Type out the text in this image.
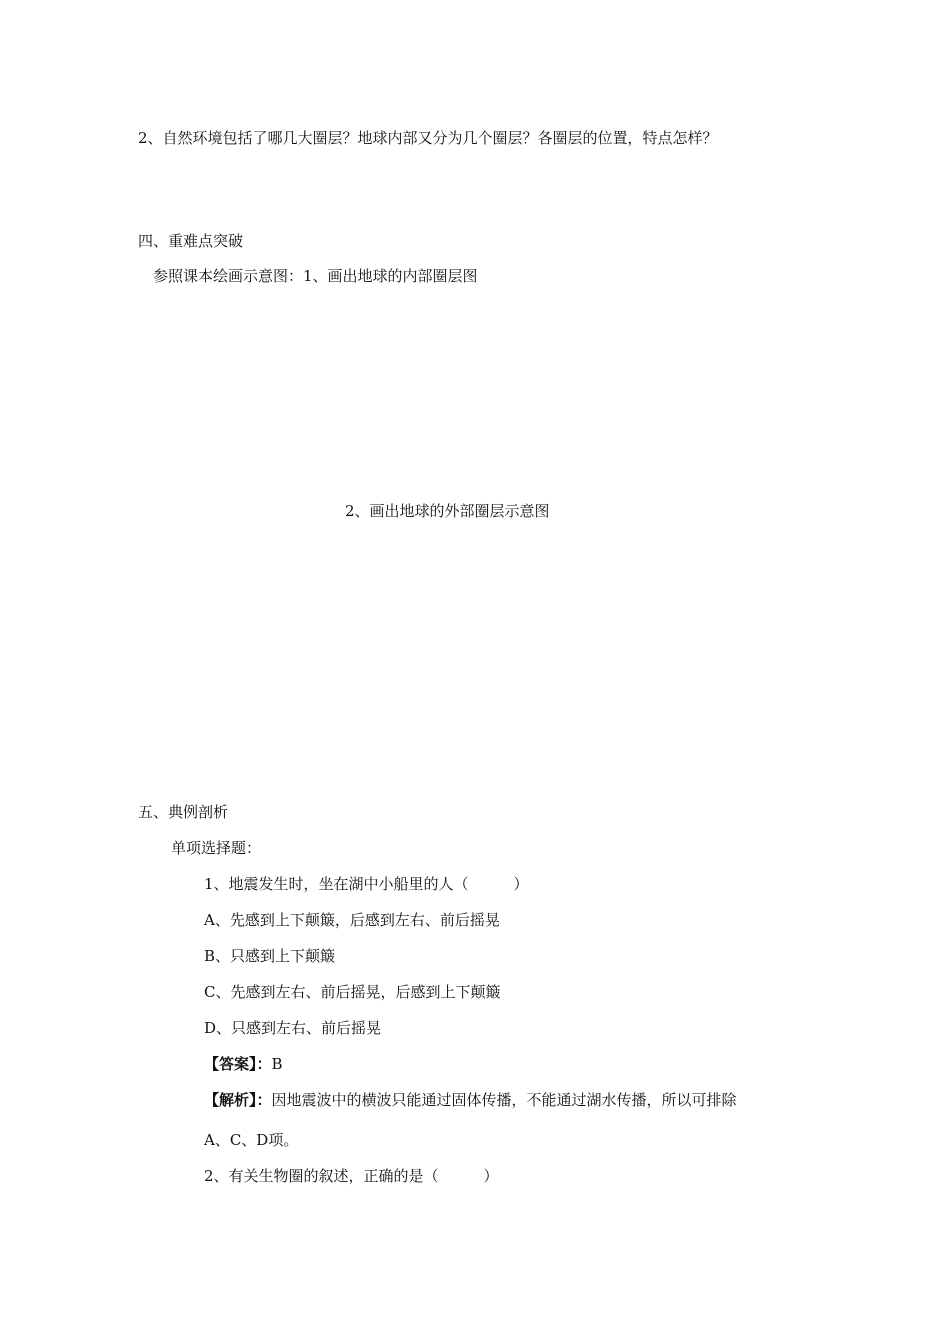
2、自然环境包括了哪几大圈层？地球内部又分为几个圈层？各圈层的位置，特点怎样？
四、重难点突破
参照课本绘画示意图：1、画出地球的内部圈层图
2、画出地球的外部圈层示意图
五、典例剖析
单项选择题：
1、地震发生时，坐在湖中小船里的人（　　　）
A、先感到上下颠簸，后感到左右、前后摇晃
B、只感到上下颠簸
C、先感到左右、前后摇晃，后感到上下颠簸
D、只感到左右、前后摇晃
【答案】：B
【解析】：因地震波中的横波只能通过固体传播，不能通过湖水传播，所以可排除
A、C、D项。
2、有关生物圈的叙述，正确的是（　　　）
